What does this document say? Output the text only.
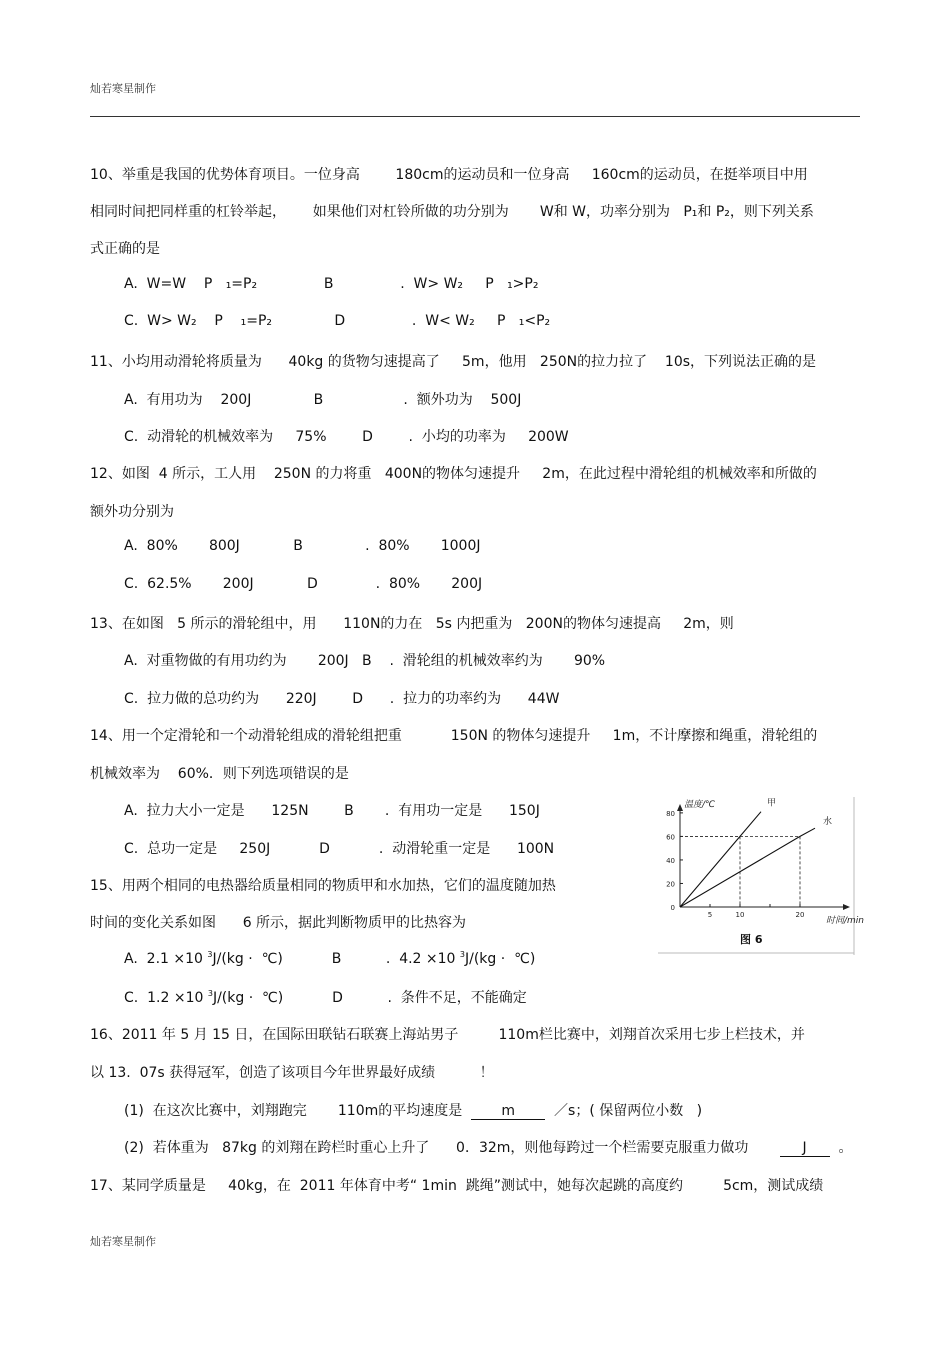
灿若寒星制作
10、举重是我国的优势体育项目。一位身高        180cm的运动员和一位身高     160cm的运动员，在挺举项目中用
相同时间把同样重的杠铃举起，      如果他们对杠铃所做的功分别为       W和 W，功率分别为   P₁和 P₂，则下列关系
式正确的是
A.  W=W    P   ₁=P₂               B               .  W> W₂     P   ₁>P₂
C.  W> W₂    P    ₁=P₂              D               .  W< W₂     P   ₁<P₂
11、小均用动滑轮将质量为      40kg 的货物匀速提高了     5m，他用   250N的拉力拉了    10s，下列说法正确的是
A.  有用功为    200J              B                  .  额外功为    500J
C.  动滑轮的机械效率为     75%        D        .  小均的功率为     200W
12、如图  4 所示，工人用    250N 的力将重   400N的物体匀速提升     2m，在此过程中滑轮组的机械效率和所做的
额外功分别为
A.  80%       800J            B              .  80%       1000J
C.  62.5%       200J            D             .  80%       200J
13、在如图   5 所示的滑轮组中，用      110N的力在   5s 内把重为   200N的物体匀速提高     2m，则
A.  对重物做的有用功约为       200J   B    .  滑轮组的机械效率约为       90%
C.  拉力做的总功约为      220J        D      .  拉力的功率约为      44W
14、用一个定滑轮和一个动滑轮组成的滑轮组把重           150N 的物体匀速提升     1m，不计摩擦和绳重，滑轮组的
机械效率为    60%．则下列选项错误的是
A.  拉力大小一定是      125N        B       .  有用功一定是      150J
C.  总功一定是     250J           D           .  动滑轮重一定是      100N
15、用两个相同的电热器给质量相同的物质甲和水加热，它们的温度随加热
时间的变化关系如图      6 所示，据此判断物质甲的比热容为
A.  2.1 ×10 $^3$J/(kg ·  ℃)           B          .  4.2 ×10 $^3$J/(kg ·  ℃)
C.  1.2 ×10 $^3$J/(kg ·  ℃)           D          .  条件不足，不能确定
温度/℃
时间/min
0
20
40
60
80
5	10	20
甲
水
图 6
16、2011 年 5 月 15 日，在国际田联钻石联赛上海站男子         110m栏比赛中，刘翔首次采用七步上栏技术，并
以 13.  07s 获得冠军，创造了该项目今年世界最好成绩          ！
(1)  在这次比赛中，刘翔跑完       110m的平均速度是  m  ／s；( 保留两位小数   )
(2)  若体重为   87kg 的刘翔在跨栏时重心上升了      0．32m，则他每跨过一个栏需要克服重力做功       J  。
17、某同学质量是     40kg，在  2011 年体育中考“ 1min  跳绳”测试中，她每次起跳的高度约         5cm，测试成绩
灿若寒星制作
